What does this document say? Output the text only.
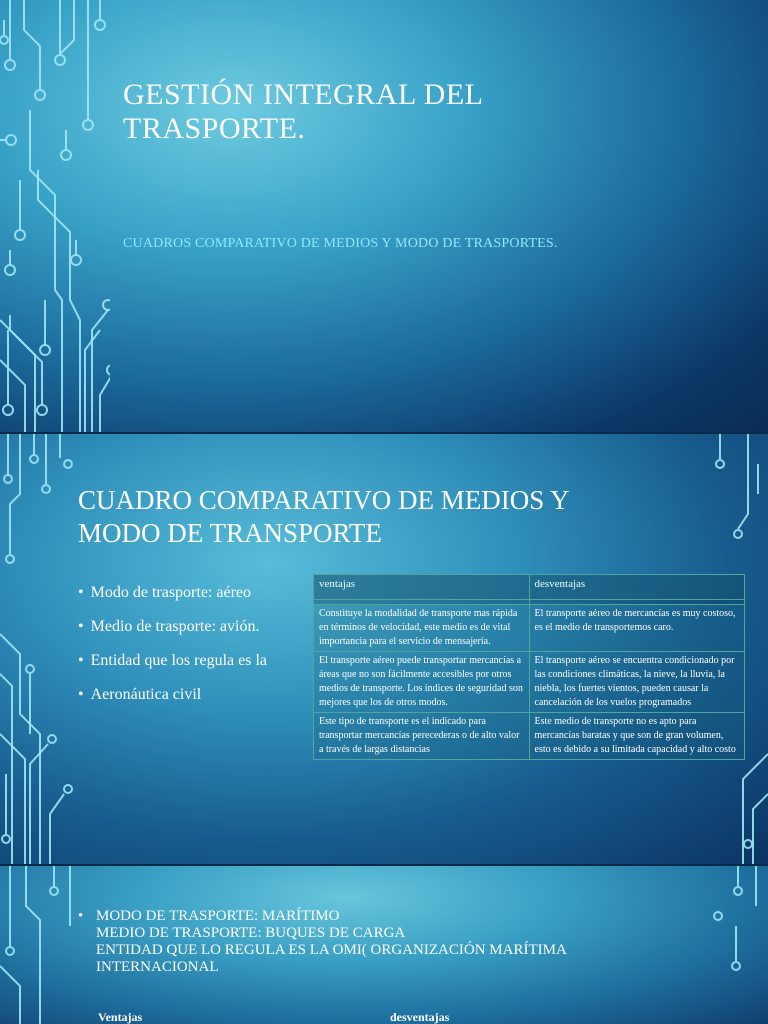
GESTIÓN INTEGRAL DEL
TRASPORTE.
CUADROS COMPARATIVO DE MEDIOS Y MODO DE TRASPORTES.
CUADRO COMPARATIVO DE MEDIOS Y
MODO DE TRANSPORTE
• Modo de trasporte: aéreo
• Medio de trasporte: avión.
• Entidad que los regula es la
• Aeronáutica civil
ventajas	desventajas

Constituye la modalidad de transporte mas rápida en términos de velocidad, este medio es de vital importancia para el servicio de mensajería.	El transporte aéreo de mercancías es muy costoso, es el medio de transportemos caro.
El transporte aéreo puede transportar mercancías a áreas que no son fácilmente accesibles por otros medios de transporte. Los índices de seguridad son mejores que los de otros modos.	El transporte aéreo se encuentra condicionado por las condiciones climáticas, la nieve, la lluvia, la niebla, los fuertes vientos, pueden causar la cancelación de los vuelos programados
Este tipo de transporte es el indicado para transportar mercancías perecederas o de alto valor a través de largas distancias	Este medio de transporte no es apto para mercancías baratas y que son de gran volumen, esto es debido a su limitada capacidad y alto costo
• MODO DE TRASPORTE: MARÍTIMO
MEDIO DE TRASPORTE: BUQUES DE CARGA
ENTIDAD QUE LO REGULA ES LA OMI( ORGANIZACIÓN MARÍTIMA
INTERNACIONAL
Ventajas	desventajas
